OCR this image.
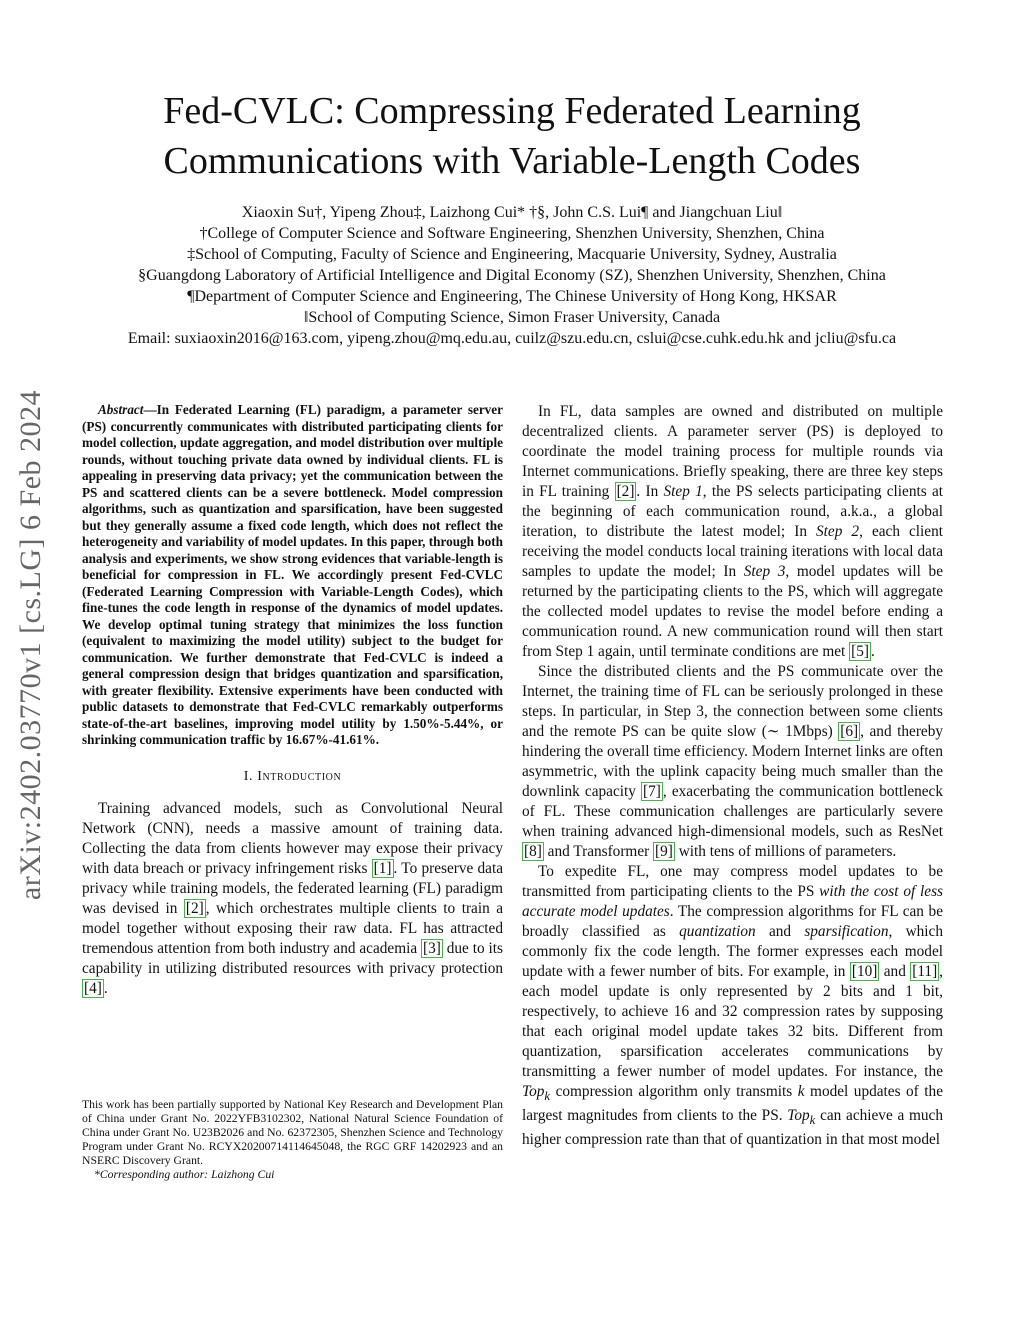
Fed-CVLC: Compressing Federated Learning
Communications with Variable-Length Codes
Xiaoxin Su†, Yipeng Zhou‡, Laizhong Cui* †§, John C.S. Lui¶ and Jiangchuan Liu‖
†College of Computer Science and Software Engineering, Shenzhen University, Shenzhen, China
‡School of Computing, Faculty of Science and Engineering, Macquarie University, Sydney, Australia
§Guangdong Laboratory of Artificial Intelligence and Digital Economy (SZ), Shenzhen University, Shenzhen, China
¶Department of Computer Science and Engineering, The Chinese University of Hong Kong, HKSAR
‖School of Computing Science, Simon Fraser University, Canada
Email: suxiaoxin2016@163.com, yipeng.zhou@mq.edu.au, cuilz@szu.edu.cn, cslui@cse.cuhk.edu.hk and jcliu@sfu.ca
arXiv:2402.03770v1 [cs.LG] 6 Feb 2024	Abstract—In Federated Learning (FL) paradigm, a parameter server (PS) concurrently communicates with distributed participating clients for model collection, update aggregation, and model distribution over multiple rounds, without touching private data owned by individual clients. FL is appealing in preserving data privacy; yet the communication between the PS and scattered clients can be a severe bottleneck. Model compression algorithms, such as quantization and sparsification, have been suggested but they generally assume a fixed code length, which does not reflect the heterogeneity and variability of model updates. In this paper, through both analysis and experiments, we show strong evidences that variable-length is beneficial for compression in FL. We accordingly present Fed-CVLC (Federated Learning Compression with Variable-Length Codes), which fine-tunes the code length in response of the dynamics of model updates. We develop optimal tuning strategy that minimizes the loss function (equivalent to maximizing the model utility) subject to the budget for communication. We further demonstrate that Fed-CVLC is indeed a general compression design that bridges quantization and sparsification, with greater flexibility. Extensive experiments have been conducted with public datasets to demonstrate that Fed-CVLC remarkably outperforms state-of-the-art baselines, improving model utility by 1.50%-5.44%, or shrinking communication traffic by 16.67%-41.61%.

I. Introduction

Training advanced models, such as Convolutional Neural Network (CNN), needs a massive amount of training data. Collecting the data from clients however may expose their privacy with data breach or privacy infringement risks [1] . To preserve data privacy while training models, the federated learning (FL) paradigm was devised in [2] , which orchestrates multiple clients to train a model together without exposing their raw data. FL has attracted tremendous attention from both industry and academia [3] due to its capability in utilizing distributed resources with privacy protection [4] .

This work has been partially supported by National Key Research and Development Plan of China under Grant No. 2022YFB3102302, National Natural Science Foundation of China under Grant No. U23B2026 and No. 62372305, Shenzhen Science and Technology Program under Grant No. RCYX20200714114645048, the RGC GRF 14202923 and an NSERC Discovery Grant.

*Corresponding author: Laizhong Cui

In FL, data samples are owned and distributed on multiple decentralized clients. A parameter server (PS) is deployed to coordinate the model training process for multiple rounds via Internet communications. Briefly speaking, there are three key steps in FL training [2] . In Step 1, the PS selects participating clients at the beginning of each communication round, a.k.a., a global iteration, to distribute the latest model; In Step 2, each client receiving the model conducts local training iterations with local data samples to update the model; In Step 3, model updates will be returned by the participating clients to the PS, which will aggregate the collected model updates to revise the model before ending a communication round. A new communication round will then start from Step 1 again, until terminate conditions are met [5] .

Since the distributed clients and the PS communicate over the Internet, the training time of FL can be seriously prolonged in these steps. In particular, in Step 3, the connection between some clients and the remote PS can be quite slow (∼ 1Mbps) [6] , and thereby hindering the overall time efficiency. Modern Internet links are often asymmetric, with the uplink capacity being much smaller than the downlink capacity [7] , exacerbating the communication bottleneck of FL. These communication challenges are particularly severe when training advanced high-dimensional models, such as ResNet [8] and Transformer [9] with tens of millions of parameters.

To expedite FL, one may compress model updates to be transmitted from participating clients to the PS with the cost of less accurate model updates. The compression algorithms for FL can be broadly classified as quantization and sparsification, which commonly fix the code length. The former expresses each model update with a fewer number of bits. For example, in [10] and [11] , each model update is only represented by 2 bits and 1 bit, respectively, to achieve 16 and 32 compression rates by supposing that each original model update takes 32 bits. Different from quantization, sparsification accelerates communications by transmitting a fewer number of model updates. For instance, the Top$_k$ compression algorithm only transmits k model updates of the largest magnitudes from clients to the PS. Top$_k$ can achieve a much higher compression rate than that of quantization in that most model
